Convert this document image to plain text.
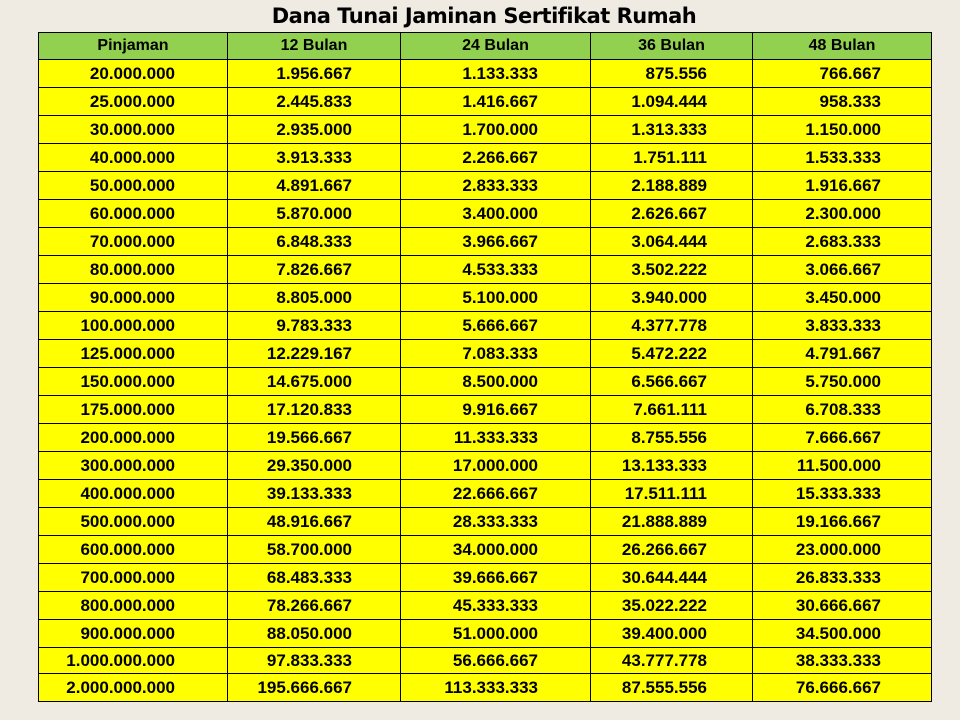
Dana Tunai Jaminan Sertifikat Rumah
Pinjaman	12 Bulan	24 Bulan	36 Bulan	48 Bulan
20.000.000	1.956.667	1.133.333	875.556	766.667
25.000.000	2.445.833	1.416.667	1.094.444	958.333
30.000.000	2.935.000	1.700.000	1.313.333	1.150.000
40.000.000	3.913.333	2.266.667	1.751.111	1.533.333
50.000.000	4.891.667	2.833.333	2.188.889	1.916.667
60.000.000	5.870.000	3.400.000	2.626.667	2.300.000
70.000.000	6.848.333	3.966.667	3.064.444	2.683.333
80.000.000	7.826.667	4.533.333	3.502.222	3.066.667
90.000.000	8.805.000	5.100.000	3.940.000	3.450.000
100.000.000	9.783.333	5.666.667	4.377.778	3.833.333
125.000.000	12.229.167	7.083.333	5.472.222	4.791.667
150.000.000	14.675.000	8.500.000	6.566.667	5.750.000
175.000.000	17.120.833	9.916.667	7.661.111	6.708.333
200.000.000	19.566.667	11.333.333	8.755.556	7.666.667
300.000.000	29.350.000	17.000.000	13.133.333	11.500.000
400.000.000	39.133.333	22.666.667	17.511.111	15.333.333
500.000.000	48.916.667	28.333.333	21.888.889	19.166.667
600.000.000	58.700.000	34.000.000	26.266.667	23.000.000
700.000.000	68.483.333	39.666.667	30.644.444	26.833.333
800.000.000	78.266.667	45.333.333	35.022.222	30.666.667
900.000.000	88.050.000	51.000.000	39.400.000	34.500.000
1.000.000.000	97.833.333	56.666.667	43.777.778	38.333.333
2.000.000.000	195.666.667	113.333.333	87.555.556	76.666.667
